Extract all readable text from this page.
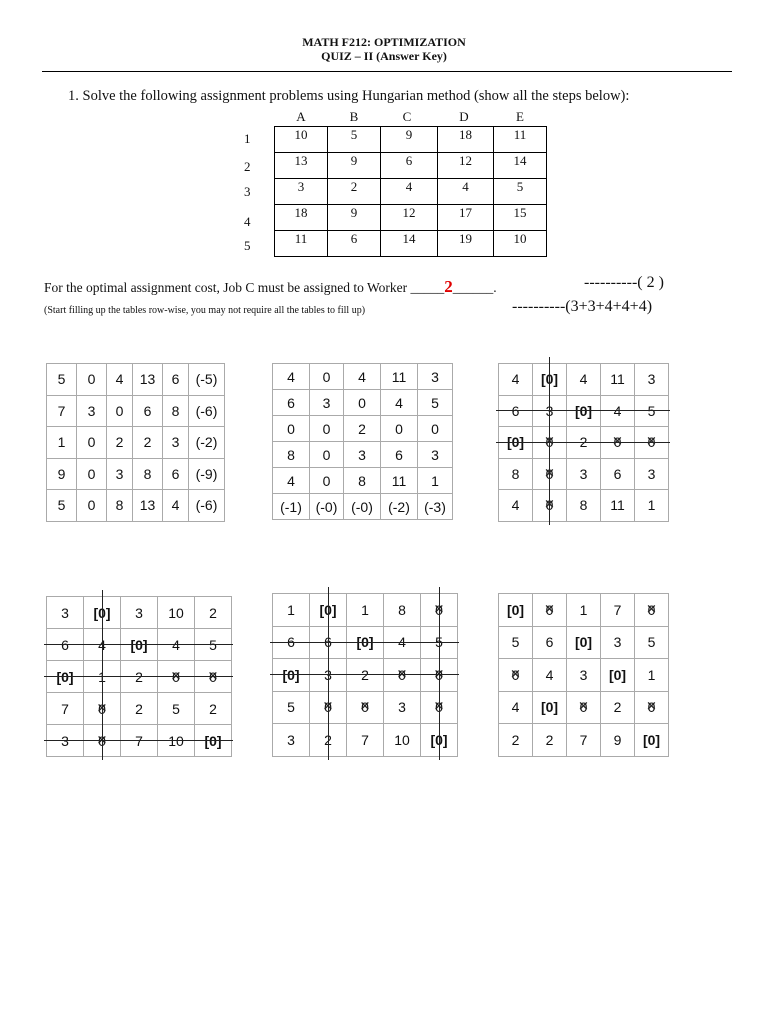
MATH F212: OPTIMIZATION
QUIZ – II (Answer Key)
1. Solve the following assignment problems using Hungarian method (show all the steps below):
A	B	C	D	E
1
2
3
4
5
10	5	9	18	11
13	9	6	12	14
3	2	4	4	5
18	9	12	17	15
11	6	14	19	10
For the optimal assignment cost, Job C must be assigned to Worker _____2______.	----------( 2 )
(Start filling up the tables row-wise, you may not require all the tables to fill up)	----------(3+3+4+4+4)
5	0	4	13	6	(-5)
7	3	0	6	8	(-6)
1	0	2	2	3	(-2)
9	0	3	8	6	(-9)
5	0	8	13	4	(-6)
4	0	4	11	3
6	3	0	4	5
0	0	2	0	0
8	0	3	6	3
4	0	8	11	1
(-1)	(-0)	(-0)	(-2)	(-3)
4	[0]	4	11	3
6	3	[0]	4	5
[0]	0 ✕	2	0 ✕	0 ✕
8	0 ✕	3	6	3
4	0 ✕	8	11	1
3	[0]	3	10	2
6	4	[0]	4	5
[0]	1	2	0 ✕	0 ✕
7	0 ✕	2	5	2
3	0 ✕	7	10	[0]
1	[0]	1	8	0 ✕
6	6	[0]	4	5
[0]	3	2	0 ✕	0 ✕
5	0 ✕	0 ✕	3	0 ✕
3	2	7	10	[0]
[0]	0 ✕	1	7	0 ✕
5	6	[0]	3	5
0 ✕	4	3	[0]	1
4	[0]	0 ✕	2	0 ✕
2	2	7	9	[0]
